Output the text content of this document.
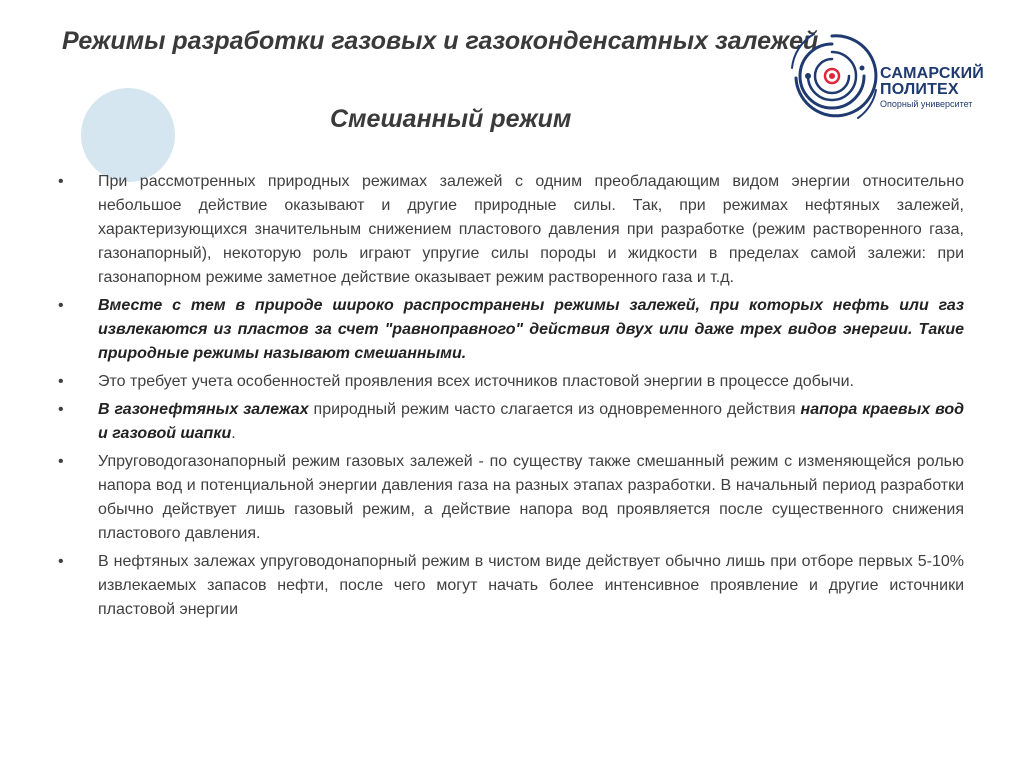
Режимы разработки газовых и газоконденсатных залежей
Смешанный режим
САМАРСКИЙ
ПОЛИТЕХ
Опорный университет
• При рассмотренных природных режимах залежей с одним преобладающим видом энергии относительно небольшое действие оказывают и другие природные силы. Так, при режимах нефтяных залежей, характеризующихся значительным снижением пластового давления при разработке (режим растворенного газа, газонапорный), некоторую роль играют упругие силы породы и жидкости в пределах самой залежи: при газонапорном режиме заметное действие оказывает режим растворенного газа и т.д.
• Вместе с тем в природе широко распространены режимы залежей, при которых нефть или газ извлекаются из пластов за счет "равноправного" действия двух или даже трех видов энергии. Такие природные режимы называют смешанными.
• Это требует учета особенностей проявления всех источников пластовой энергии в процессе добычи.
• В газонефтяных залежах природный режим часто слагается из одновременного действия напора краевых вод и газовой шапки.
• Упруговодогазонапорный режим газовых залежей - по существу также смешанный режим с изменяющейся ролью напора вод и потенциальной энергии давления газа на разных этапах разработки. В начальный период разработки обычно действует лишь газовый режим, а действие напора вод проявляется после существенного снижения пластового давления.
• В нефтяных залежах упруговодонапорный режим в чистом виде действует обычно лишь при отборе первых 5-10% извлекаемых запасов нефти, после чего могут начать более интенсивное проявление и другие источники пластовой энергии
